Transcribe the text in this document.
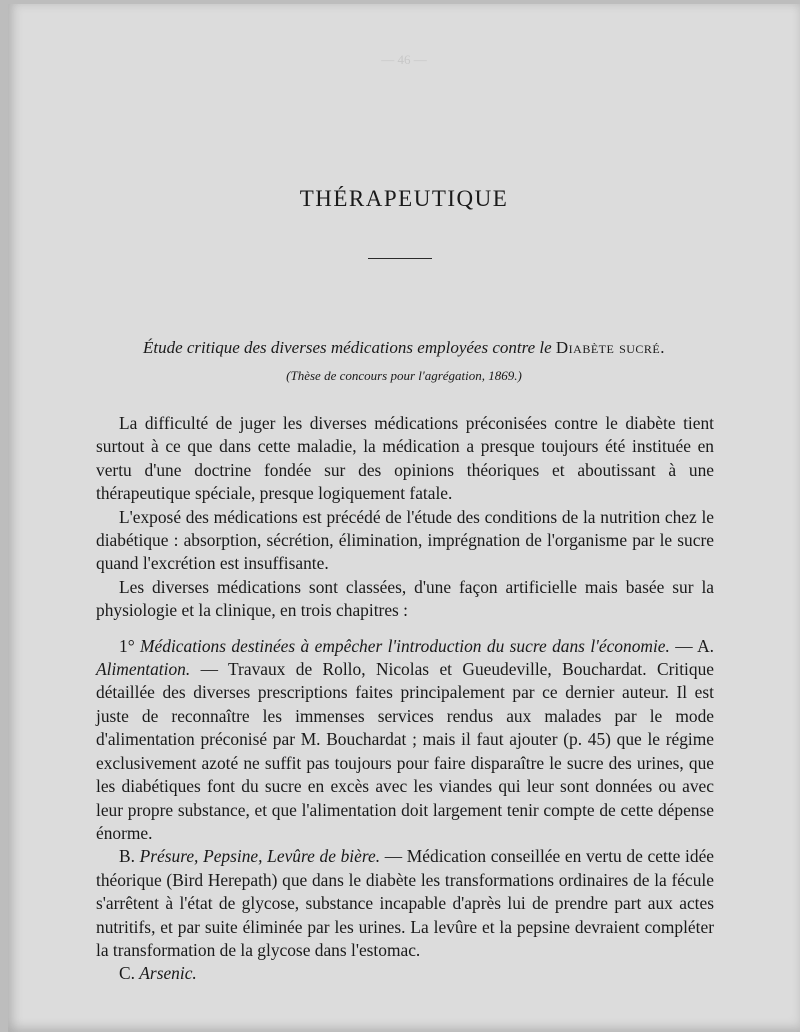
— 46 —
THÉRAPEUTIQUE
Étude critique des diverses médications employées contre le Diabète sucré.
(Thèse de concours pour l'agrégation, 1869.)

La difficulté de juger les diverses médications préconisées contre le diabète tient surtout à ce que dans cette maladie, la médication a presque toujours été instituée en vertu d'une doctrine fondée sur des opinions théoriques et aboutissant à une thérapeutique spéciale, presque logiquement fatale.

L'exposé des médications est précédé de l'étude des conditions de la nutrition chez le diabétique : absorption, sécrétion, élimination, imprégnation de l'organisme par le sucre quand l'excrétion est insuffisante.

Les diverses médications sont classées, d'une façon artificielle mais basée sur la physiologie et la clinique, en trois chapitres :

1° Médications destinées à empêcher l'introduction du sucre dans l'économie. — A. Alimentation. — Travaux de Rollo, Nicolas et Gueudeville, Bouchardat. Critique détaillée des diverses prescriptions faites principalement par ce dernier auteur. Il est juste de reconnaître les immenses services rendus aux malades par le mode d'alimentation préconisé par M. Bouchardat ; mais il faut ajouter (p. 45) que le régime exclusivement azoté ne suffit pas toujours pour faire disparaître le sucre des urines, que les diabétiques font du sucre en excès avec les viandes qui leur sont données ou avec leur propre substance, et que l'alimentation doit largement tenir compte de cette dépense énorme.

B. Présure, Pepsine, Levûre de bière. — Médication conseillée en vertu de cette idée théorique (Bird Herepath) que dans le diabète les transformations ordinaires de la fécule s'arrêtent à l'état de glycose, substance incapable d'après lui de prendre part aux actes nutritifs, et par suite éliminée par les urines. La levûre et la pepsine devraient compléter la transformation de la glycose dans l'estomac.

C. Arsenic.
